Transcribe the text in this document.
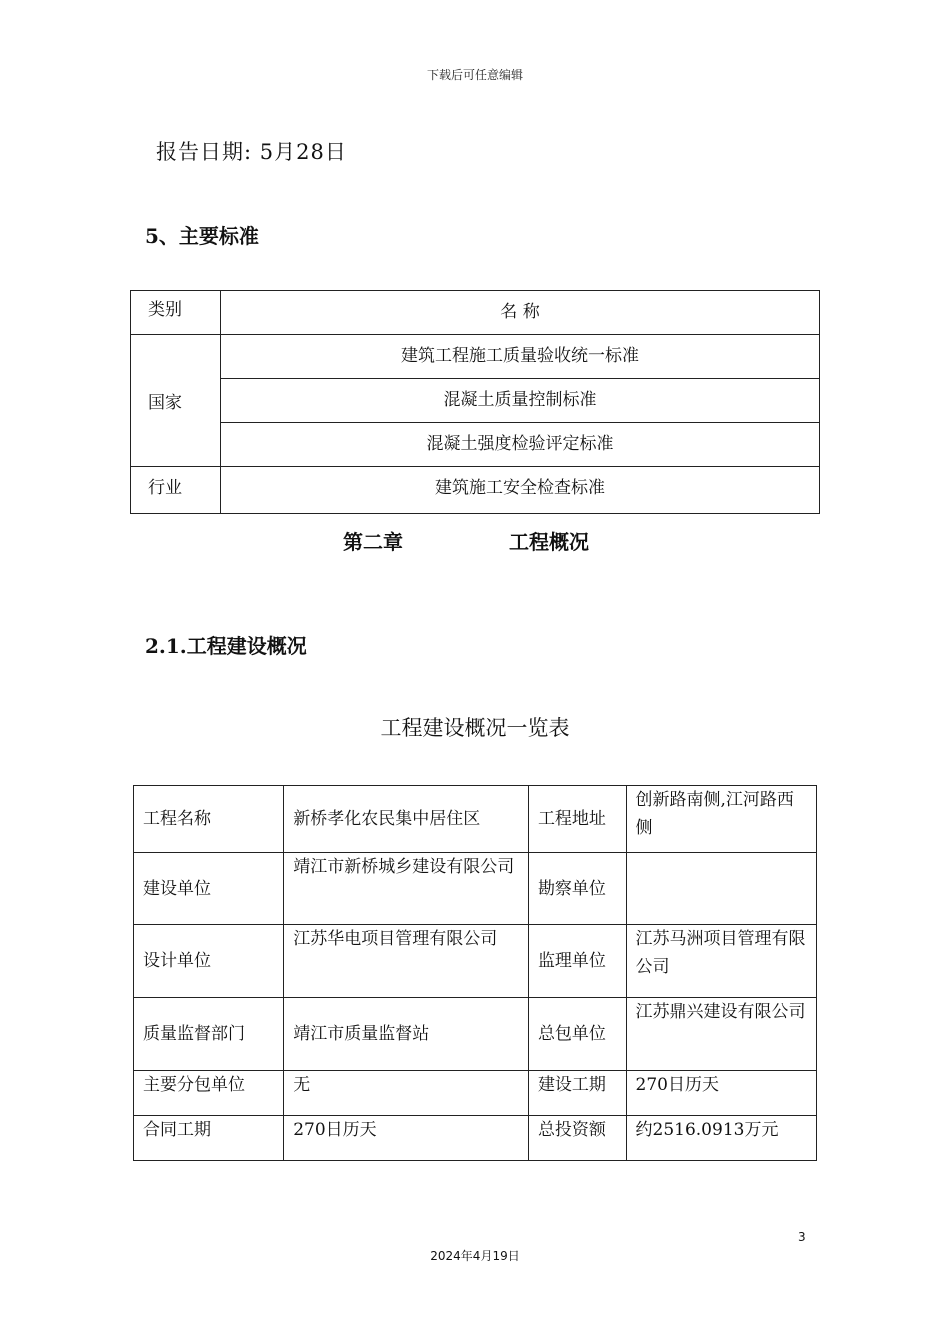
下载后可任意编辑
报告日期: 5月28日
5、主要标准
类别	名 称
国家	建筑工程施工质量验收统一标准
	混凝土质量控制标准
	混凝土强度检验评定标准
行业	建筑施工安全检查标准
第二章	工程概况
2.1.工程建设概况
工程建设概况一览表
工程名称	新桥孝化农民集中居住区	工程地址	创新路南侧,江河路西侧
建设单位	靖江市新桥城乡建设有限公司	勘察单位	
设计单位	江苏华电项目管理有限公司	监理单位	江苏马洲项目管理有限公司
质量监督部门	靖江市质量监督站	总包单位	江苏鼎兴建设有限公司
主要分包单位	无	建设工期	270日历天
合同工期	270日历天	总投资额	约2516.0913万元
3
2024年4月19日
